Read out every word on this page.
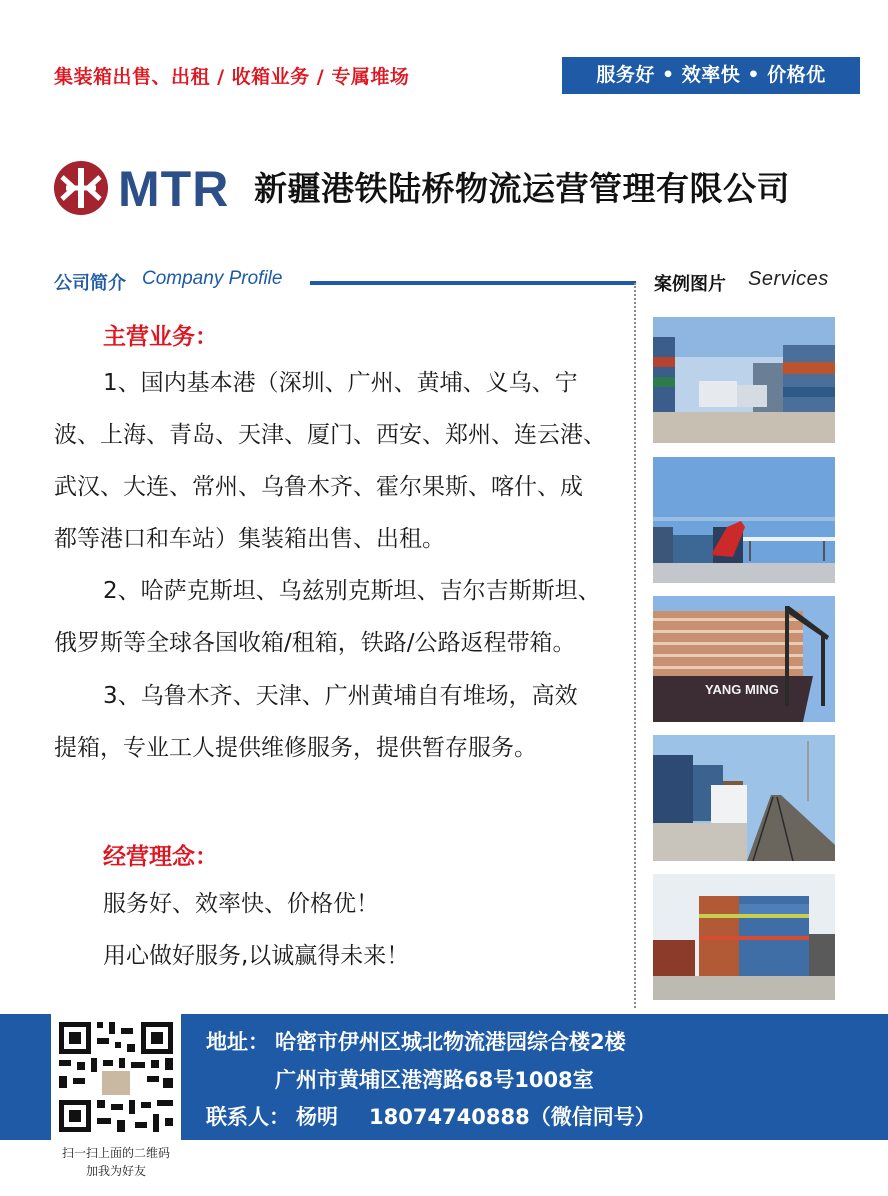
集装箱出售、出租 / 收箱业务 / 专属堆场	服务好 • 效率快 • 价格优
MTR 新疆港铁陆桥物流运营管理有限公司
公司简介 Company Profile	案例图片 Services
主营业务：
1、国内基本港（深圳、广州、黄埔、义乌、宁
波、上海、青岛、天津、厦门、西安、郑州、连云港、
武汉、大连、常州、乌鲁木齐、霍尔果斯、喀什、成
都等港口和车站）集装箱出售、出租。
2、哈萨克斯坦、乌兹别克斯坦、吉尔吉斯斯坦、
俄罗斯等全球各国收箱/租箱，铁路/公路返程带箱。
3、乌鲁木齐、天津、广州黄埔自有堆场，高效
提箱，专业工人提供维修服务，提供暂存服务。
经营理念：
服务好、效率快、价格优！
用心做好服务,以诚赢得未来！
YANG MING
地址： 哈密市伊州区城北物流港园综合楼2楼
广州市黄埔区港湾路68号1008室
联系人： 杨明 18074740888（微信同号）
扫一扫上面的二维码
加我为好友
